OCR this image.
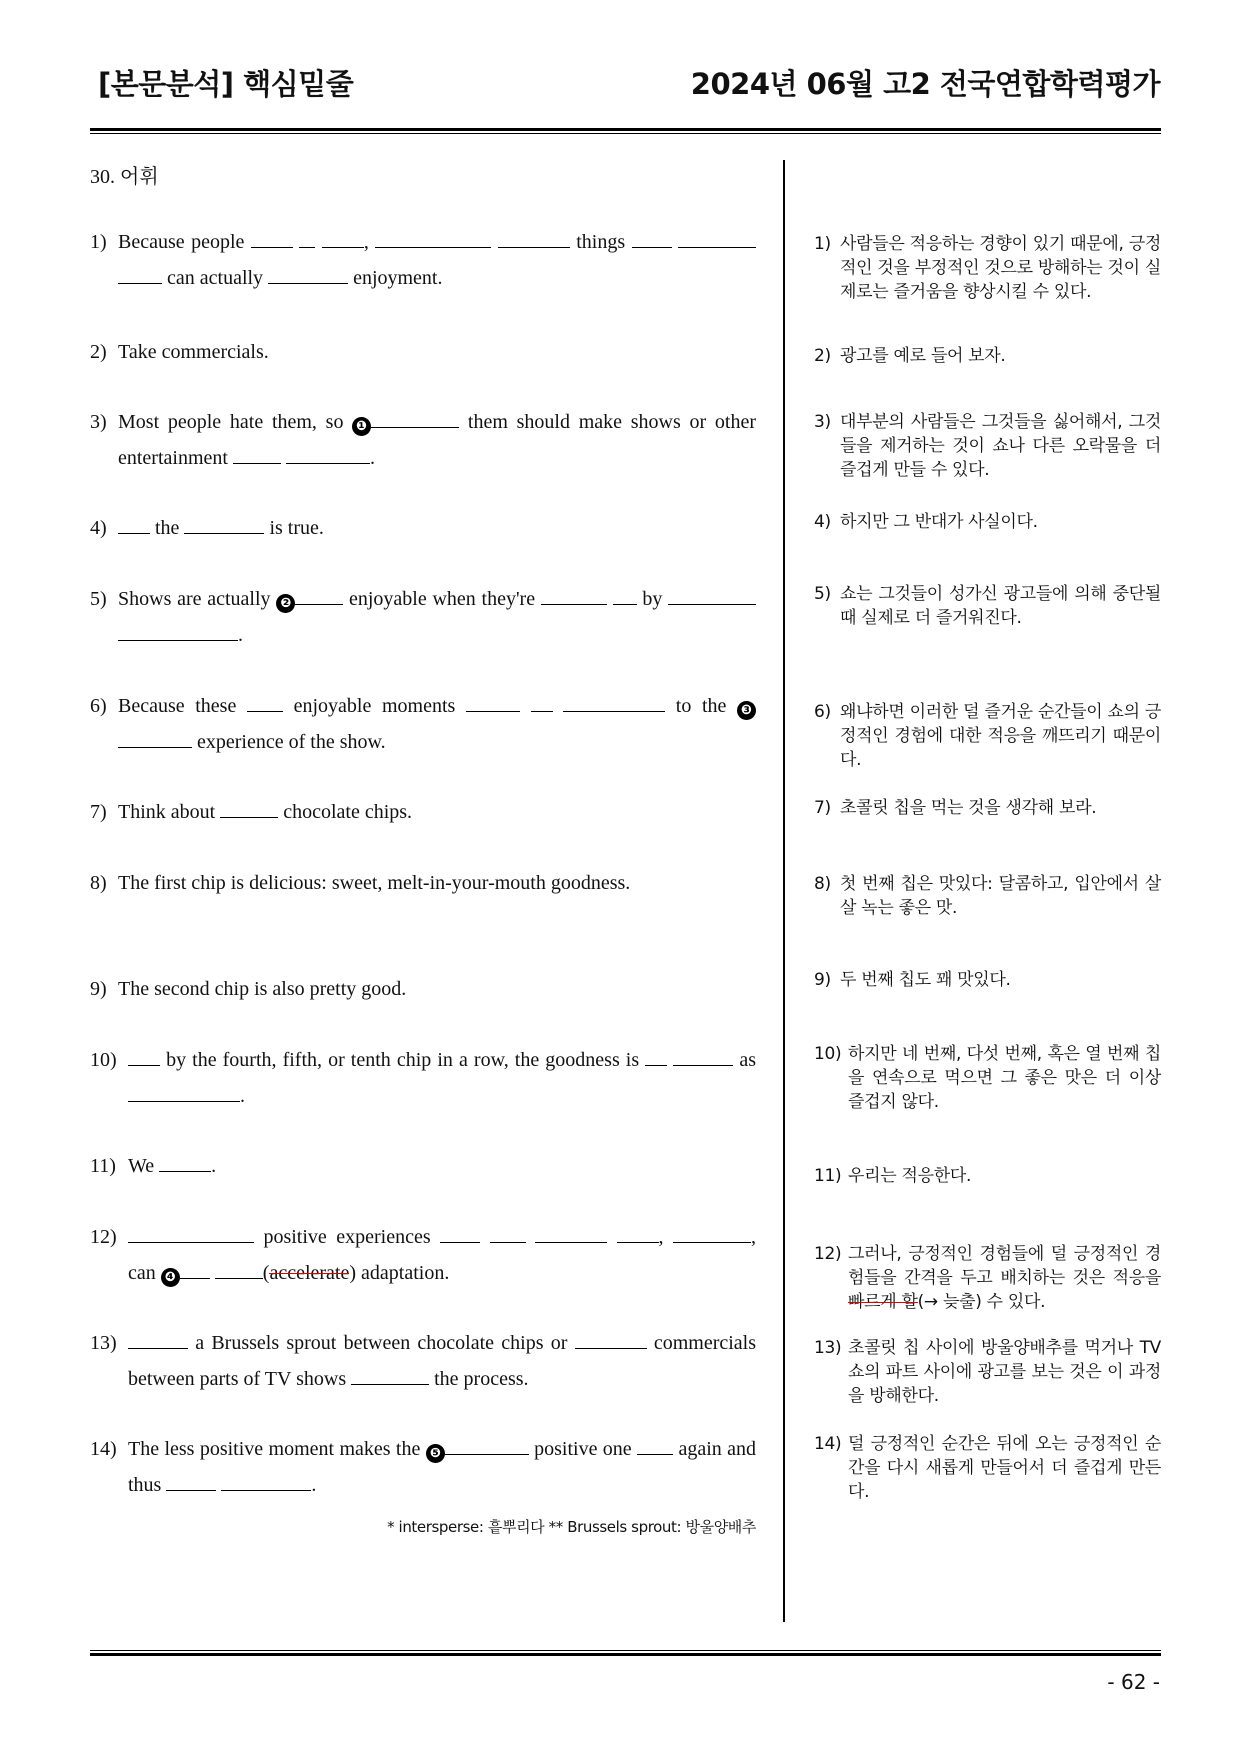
[본문분석] 핵심밑줄	2024년 06월 고2 전국연합학력평가
30. 어휘
1) Because people	,	things    can actually	enjoyment.
2) Take commercials.
3) Most people hate them, so ❶	them should make shows or other entertainment	.
4)	the	is true.
5) Shows are actually ❷	enjoyable when they're	by  .
6) Because these	enjoyable moments	to the ❸ experience of the show.
7) Think about	chocolate chips.
8) The first chip is delicious: sweet, melt-in-your-mouth goodness.
9) The second chip is also pretty good.
10)	by the fourth, fifth, or tenth chip in a row, the goodness is	as .
11) We	.
12)	positive experiences	,	, can ❹	(accelerate) adaptation.
13)	a Brussels sprout between chocolate chips or	commercials between parts of TV shows	the process.
14) The less positive moment makes the ❺	positive one again and thus	.
* intersperse: 흩뿌리다 ** Brussels sprout: 방울양배추
1) 사람들은 적응하는 경향이 있기 때문에, 긍정적인 것을 부정적인 것으로 방해하는 것이 실제로는 즐거움을 향상시킬 수 있다.
2) 광고를 예로 들어 보자.
3) 대부분의 사람들은 그것들을 싫어해서, 그것들을 제거하는 것이 쇼나 다른 오락물을 더 즐겁게 만들 수 있다.
4) 하지만 그 반대가 사실이다.
5) 쇼는 그것들이 성가신 광고들에 의해 중단될 때 실제로 더 즐거워진다.
6) 왜냐하면 이러한 덜 즐거운 순간들이 쇼의 긍정적인 경험에 대한 적응을 깨뜨리기 때문이다.
7) 초콜릿 칩을 먹는 것을 생각해 보라.
8) 첫 번째 칩은 맛있다: 달콤하고, 입안에서 살살 녹는 좋은 맛.
9) 두 번째 칩도 꽤 맛있다.
10) 하지만 네 번째, 다섯 번째, 혹은 열 번째 칩을 연속으로 먹으면 그 좋은 맛은 더 이상 즐겁지 않다.
11) 우리는 적응한다.
12) 그러나, 긍정적인 경험들에 덜 긍정적인 경험들을 간격을 두고 배치하는 것은 적응을 빠르게 할(→ 늦출) 수 있다.
13) 초콜릿 칩 사이에 방울양배추를 먹거나 TV 쇼의 파트 사이에 광고를 보는 것은 이 과정을 방해한다.
14) 덜 긍정적인 순간은 뒤에 오는 긍정적인 순간을 다시 새롭게 만들어서 더 즐겁게 만든다.
- 62 -
